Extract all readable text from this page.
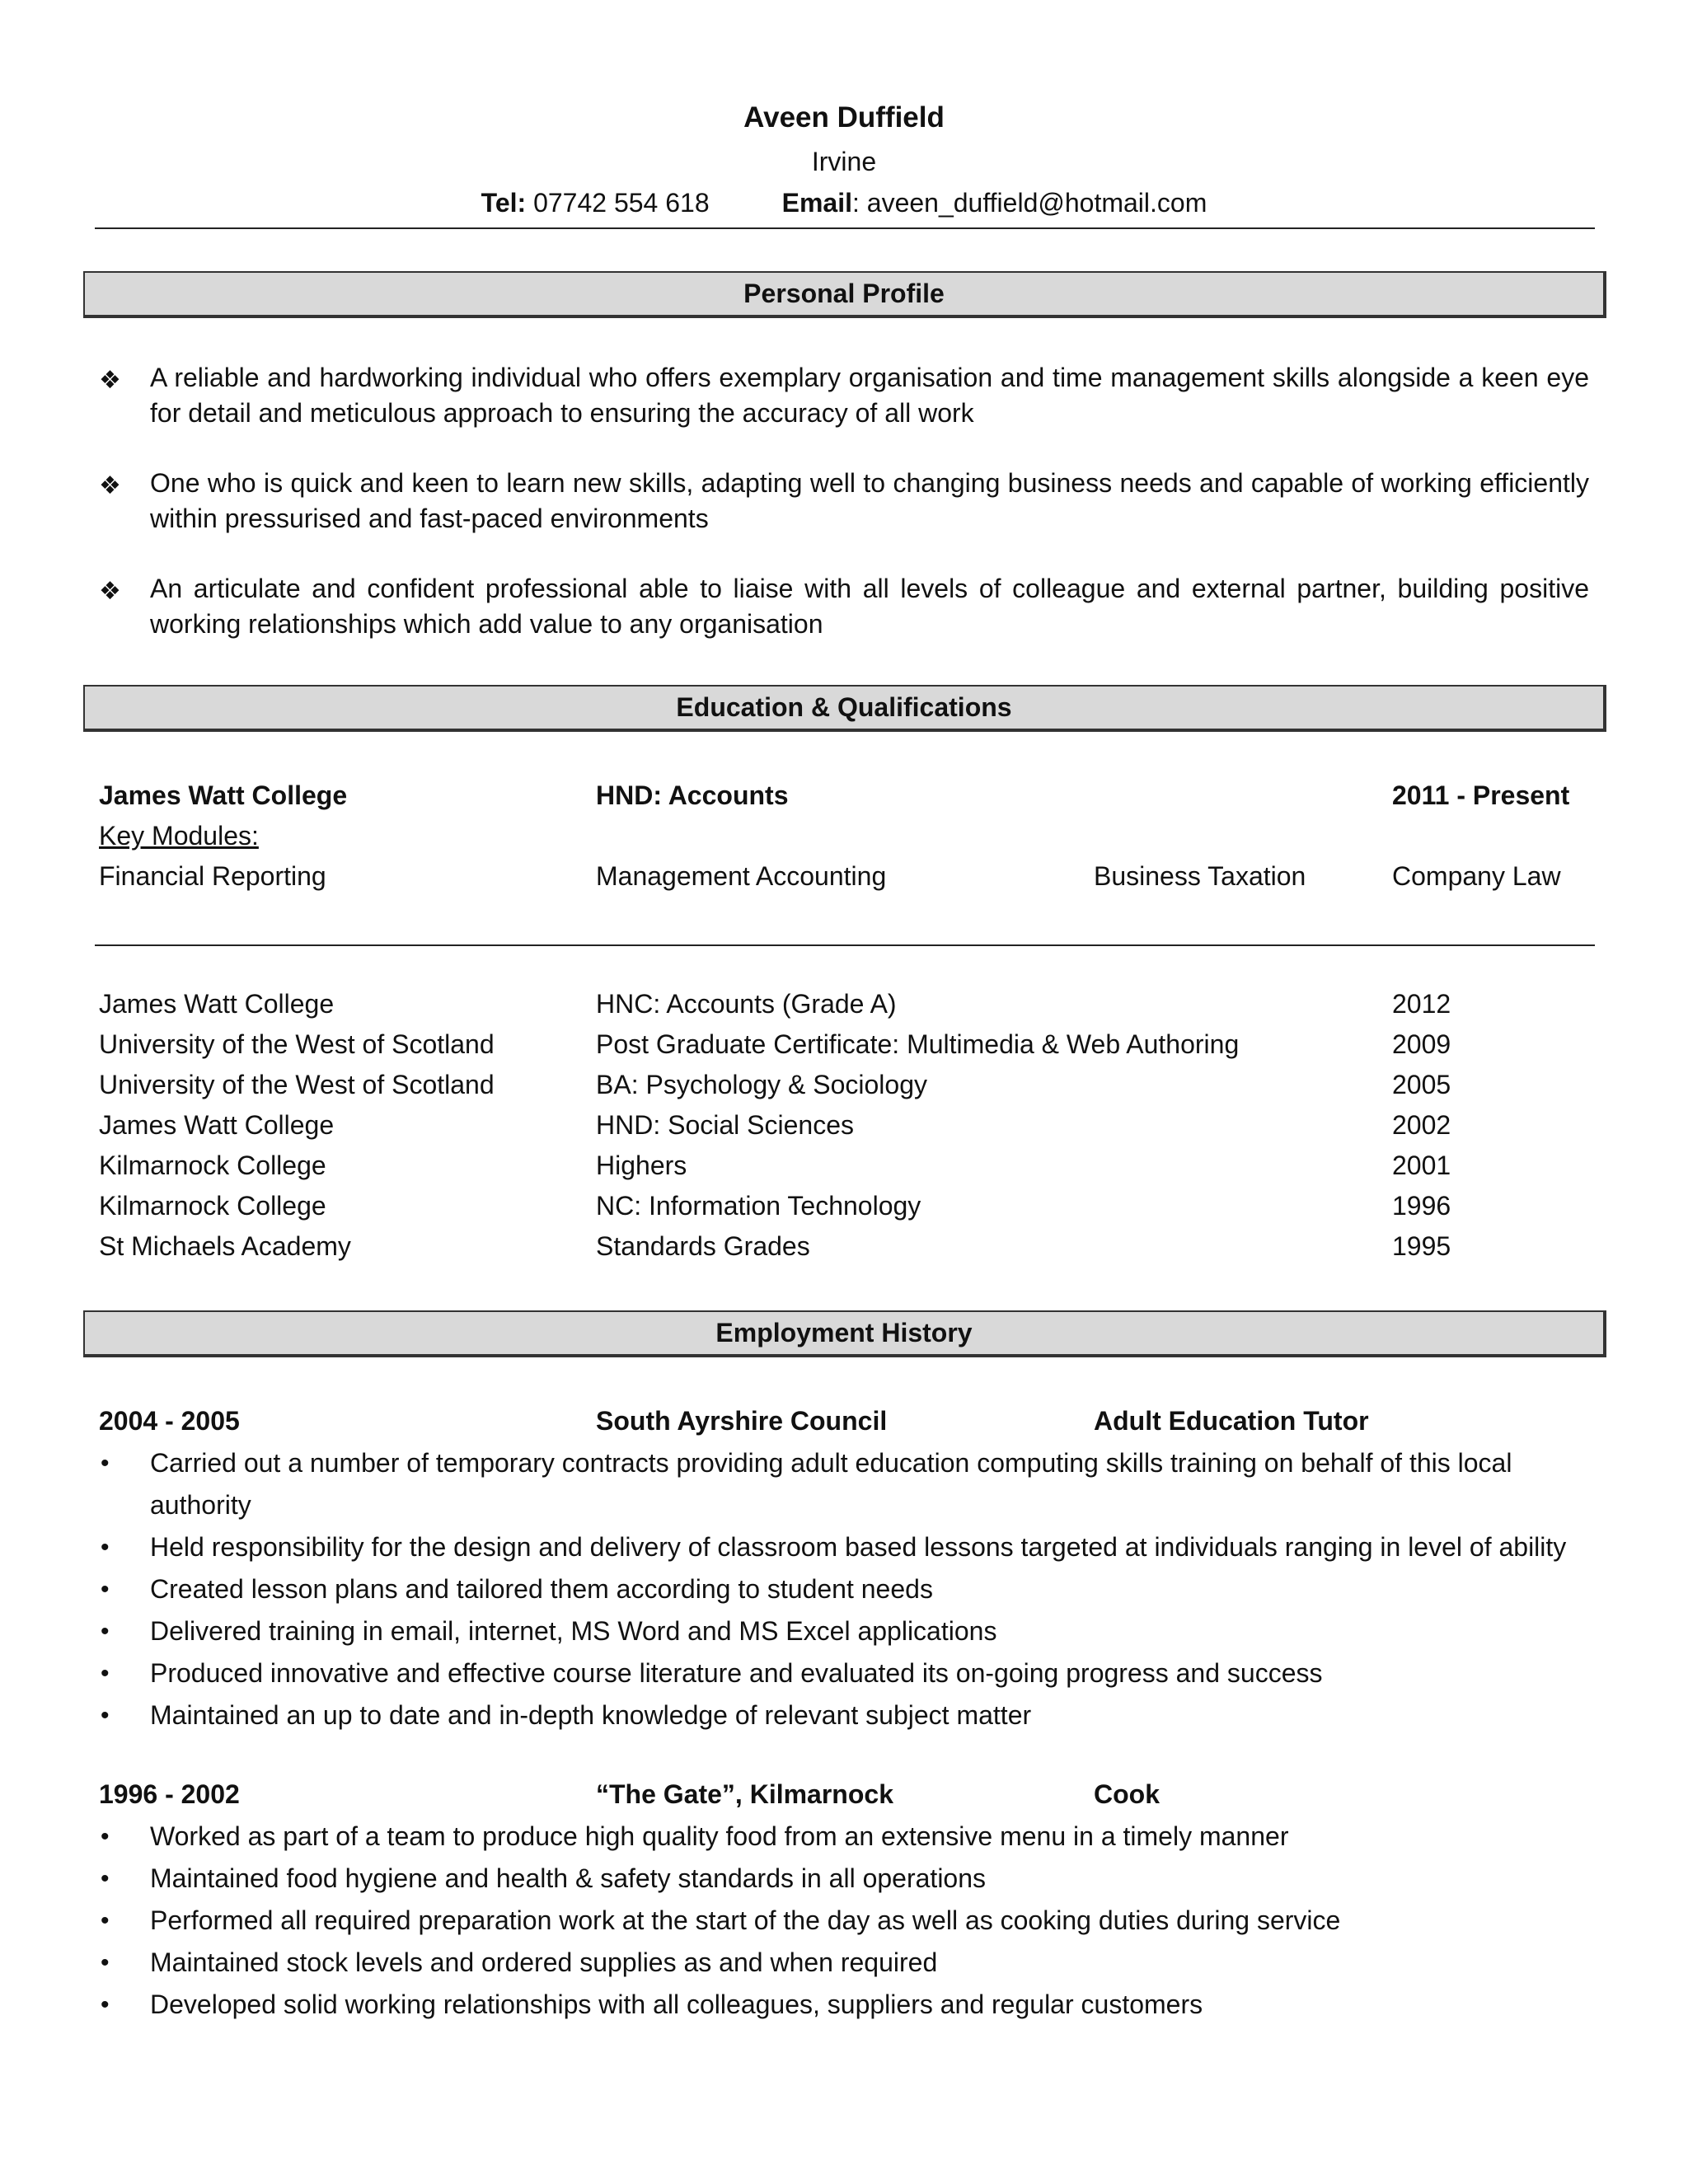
Aveen Duffield
Irvine
Tel: 07742 554 618	Email: aveen_duffield@hotmail.com
Personal Profile
❖ A reliable and hardworking individual who offers exemplary organisation and time management skills alongside a keen eye for detail and meticulous approach to ensuring the accuracy of all work
❖ One who is quick and keen to learn new skills, adapting well to changing business needs and capable of working efficiently within pressurised and fast-paced environments
❖ An articulate and confident professional able to liaise with all levels of colleague and external partner, building positive working relationships which add value to any organisation
Education & Qualifications
James Watt College	HND: Accounts	2011 - Present
Key Modules:
Financial Reporting	Management Accounting	Business Taxation	Company Law
James Watt College	HNC: Accounts (Grade A)	2012
University of the West of Scotland	Post Graduate Certificate: Multimedia & Web Authoring	2009
University of the West of Scotland	BA: Psychology & Sociology	2005
James Watt College	HND: Social Sciences	2002
Kilmarnock College	Highers	2001
Kilmarnock College	NC: Information Technology	1996
St Michaels Academy	Standards Grades	1995
Employment History
2004 - 2005	South Ayrshire Council	Adult Education Tutor
• Carried out a number of temporary contracts providing adult education computing skills training on behalf of this local authority
• Held responsibility for the design and delivery of classroom based lessons targeted at individuals ranging in level of ability
• Created lesson plans and tailored them according to student needs
• Delivered training in email, internet, MS Word and MS Excel applications
• Produced innovative and effective course literature and evaluated its on-going progress and success
• Maintained an up to date and in-depth knowledge of relevant subject matter
1996 - 2002	“The Gate”, Kilmarnock	Cook
• Worked as part of a team to produce high quality food from an extensive menu in a timely manner
• Maintained food hygiene and health & safety standards in all operations
• Performed all required preparation work at the start of the day as well as cooking duties during service
• Maintained stock levels and ordered supplies as and when required
• Developed solid working relationships with all colleagues, suppliers and regular customers
